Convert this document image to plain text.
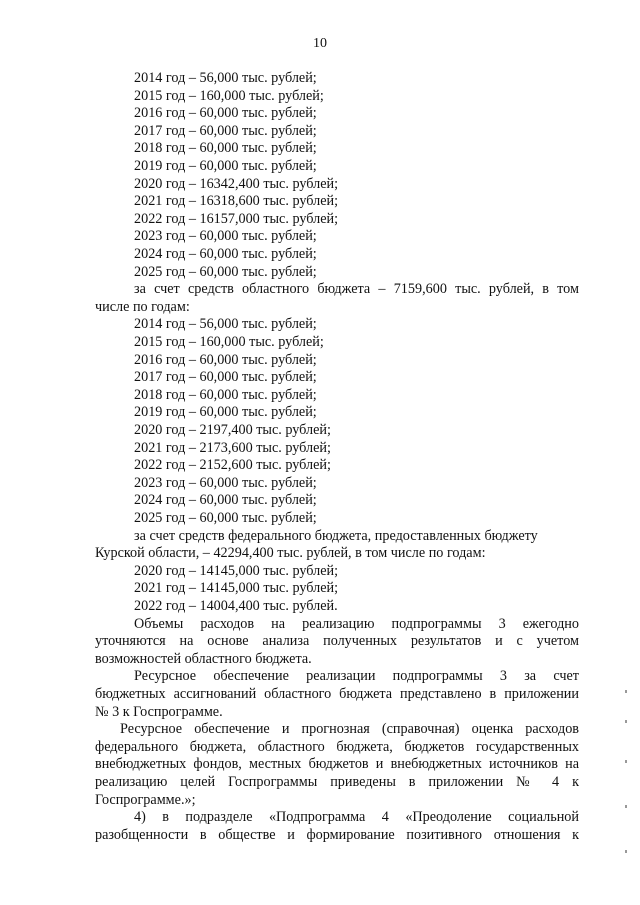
10
2014 год – 56,000 тыс. рублей;
2015 год – 160,000 тыс. рублей;
2016 год – 60,000 тыс. рублей;
2017 год – 60,000 тыс. рублей;
2018 год – 60,000 тыс. рублей;
2019 год – 60,000 тыс. рублей;
2020 год – 16342,400 тыс. рублей;
2021 год – 16318,600 тыс. рублей;
2022 год – 16157,000 тыс. рублей;
2023 год – 60,000 тыс. рублей;
2024 год – 60,000 тыс. рублей;
2025 год – 60,000 тыс. рублей;
за счет средств областного бюджета – 7159,600 тыс. рублей, в том
числе по годам:
2014 год – 56,000 тыс. рублей;
2015 год – 160,000 тыс. рублей;
2016 год – 60,000 тыс. рублей;
2017 год – 60,000 тыс. рублей;
2018 год – 60,000 тыс. рублей;
2019 год – 60,000 тыс. рублей;
2020 год – 2197,400 тыс. рублей;
2021 год – 2173,600 тыс. рублей;
2022 год – 2152,600 тыс. рублей;
2023 год – 60,000 тыс. рублей;
2024 год – 60,000 тыс. рублей;
2025 год – 60,000 тыс. рублей;
за счет средств федерального бюджета, предоставленных бюджету
Курской области, – 42294,400 тыс. рублей, в том числе по годам:
2020 год – 14145,000 тыс. рублей;
2021 год – 14145,000 тыс. рублей;
2022 год – 14004,400 тыс. рублей.
Объемы расходов на реализацию подпрограммы 3 ежегодно
уточняются на основе анализа полученных результатов и с учетом
возможностей областного бюджета.
Ресурсное обеспечение реализации подпрограммы 3 за счет
бюджетных ассигнований областного бюджета представлено в приложении
№ 3 к Госпрограмме.
Ресурсное обеспечение и прогнозная (справочная) оценка расходов
федерального бюджета, областного бюджета, бюджетов государственных
внебюджетных фондов, местных бюджетов и внебюджетных источников на
реализацию целей Госпрограммы приведены в приложении № 4 к
Госпрограмме.»;
4) в подразделе «Подпрограмма 4 «Преодоление социальной
разобщенности в обществе и формирование позитивного отношения к
